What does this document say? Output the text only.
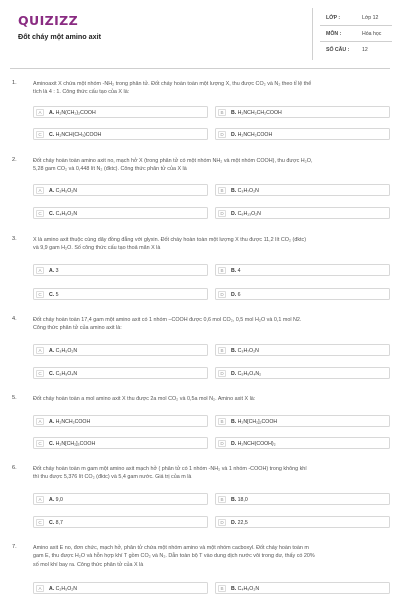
QUIZIZZ
Đốt cháy một amino axit
LỚP :	Lớp 12
MÔN :	Hóa học
SỐ CÂU : 12
1.	Aminoaxit X chứa một nhóm -NH₂ trong phân tử. Đốt cháy hoàn toàn một lượng X, thu được CO₂ và N₂ theo tỉ lệ thể
tích là 4 : 1. Công thức cấu tạo của X là:
A	A. H₂N(CH₂)₂COOH	B	B. H₂NCH₂CH₂COOH
C	C. H₂NCH(CH₃)COOH	D	D. H₂NCH₂COOH
2.	Đốt cháy hoàn toàn amino axit no, mạch hở X (trong phân tử có một nhóm NH₂ và một nhóm COOH), thu được H₂O,
5,28 gam CO₂ và 0,448 lít N₂ (đktc). Công thức phân tử của X là
A	A. C₂H₅O₂N	B	B. C₃H₇O₂N
C	C. C₄H₉O₂N	D	D. C₆H₁₃O₂N
3.	X là amino axit thuộc cùng dãy đồng đẳng với glyxin. Đốt cháy hoàn toàn một lượng X thu được 11,2 lít CO₂ (đktc)
và 9,9 gam H₂O. Số công thức cấu tạo thoả mãn X là
A	A. 3	B	B. 4
C	C. 5	D	D. 6
4.	Đốt cháy hoàn toàn 17,4 gam một amino axit có 1 nhóm –COOH được 0,6 mol CO₂, 0,5 mol H₂O và 0,1 mol N2.
Công thức phân tử của amino axit là:
A	A. C₃H₅O₂N	B	B. C₃H₇O₂N
C	C. C₅H₉O₄N	D	D. C₅H₉O₄N₂
5.	Đốt cháy hoàn toàn a mol amino axit X thu được 2a mol CO₂ và 0,5a mol N₂. Amino axit X là:
A	A. H₂NCH₂COOH	B	B. H₂N[CH₂]₂COOH
C	C. H₂N[CH₂]₃COOH	D	D. H₂NCH(COOH)₂
6.	Đốt cháy hoàn toàn m gam một amino axit mạch hở ( phân tử có 1 nhóm -NH₂ và 1 nhóm -COOH) trong không khí
thì thu được 5,376 lít CO₂ (đktc) và 5,4 gam nước. Giá trị của m là
A	A. 9,0	B	B. 18,0
C	C. 8,7	D	D. 22,5
7.	Amino axit E no, đơn chức, mạch hở, phân tử chứa một nhóm amino và một nhóm cacboxyl. Đốt cháy hoàn toàn m
gam E, thu được H₂O và hỗn hợp khí T gồm CO₂ và N₂. Dẫn toàn bộ T vào dung dịch nước vôi trong dư, thấy có 20%
số mol khí bay ra. Công thức phân tử của X là
A	A. C₂H₅O₂N	B	B. C₄H₉O₂N
